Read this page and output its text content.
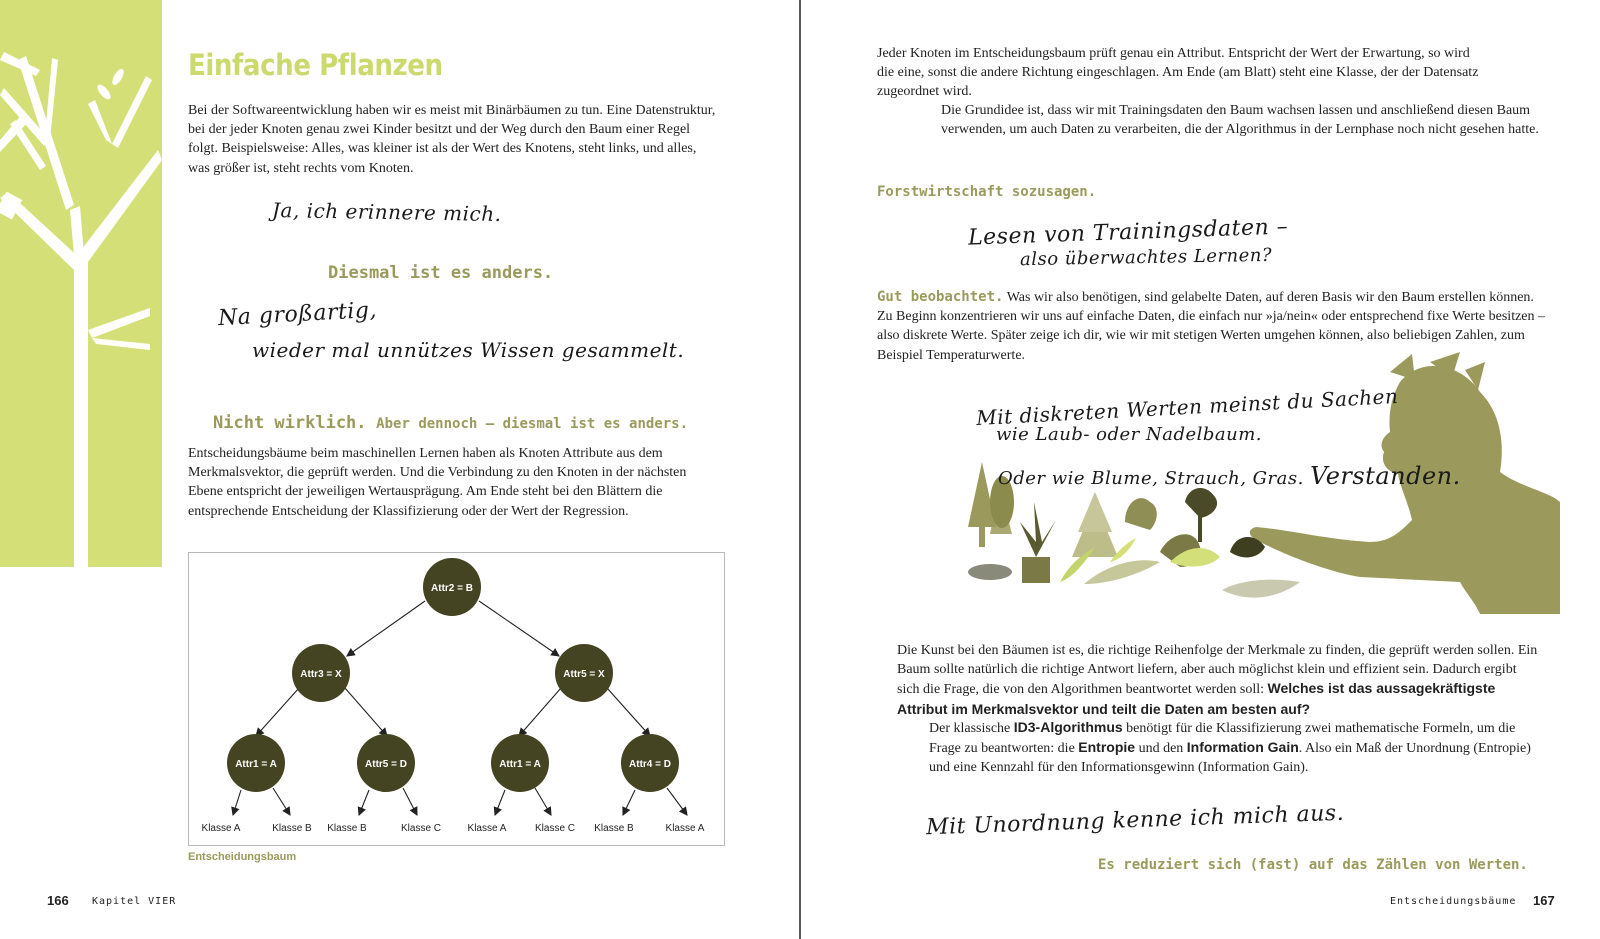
Einfache Pflanzen

Bei der Softwareentwicklung haben wir es meist mit Binärbäumen zu tun. Eine Datenstruktur, bei der jeder Knoten genau zwei Kinder besitzt und der Weg durch den Baum einer Regel folgt. Beispielsweise: Alles, was kleiner ist als der Wert des Knotens, steht links, und alles, was größer ist, steht rechts vom Knoten.

Ja, ich erinnere mich.
Diesmal ist es anders.
Na großartig,
wieder mal unnützes Wissen gesammelt.
Nicht wirklich. Aber dennoch – diesmal ist es anders.

Entscheidungsbäume beim maschinellen Lernen haben als Knoten Attribute aus dem Merkmalsvektor, die geprüft werden. Und die Verbindung zu den Knoten in der nächsten Ebene entspricht der jeweiligen Wertausprägung. Am Ende steht bei den Blättern die entsprechende Entscheidung der Klassifizierung oder der Wert der Regression.

Attr2 = B
Attr3 = X	Attr5 = X
Attr1 = A	Attr5 = D	Attr1 = A	Attr4 = D
Klasse A	Klasse B Klasse B	Klasse C	Klasse A	Klasse C Klasse B	Klasse A
Entscheidungsbaum
166 Kapitel VIER

Jeder Knoten im Entscheidungsbaum prüft genau ein Attribut. Entspricht der Wert der Erwartung, so wird die eine, sonst die andere Richtung eingeschlagen. Am Ende (am Blatt) steht eine Klasse, der der Datensatz zugeordnet wird.

Die Grundidee ist, dass wir mit Trainingsdaten den Baum wachsen lassen und anschließend diesen Baum verwenden, um auch Daten zu verarbeiten, die der Algorithmus in der Lernphase noch nicht gesehen hatte.

Forstwirtschaft sozusagen.
Lesen von Trainingsdaten –
also überwachtes Lernen?

Gut beobachtet. Was wir also benötigen, sind gelabelte Daten, auf deren Basis wir den Baum erstellen können. Zu Beginn konzentrieren wir uns auf einfache Daten, die einfach nur »ja/nein« oder entsprechend fixe Werte besitzen – also diskrete Werte. Später zeige ich dir, wie wir mit stetigen Werten umgehen können, also beliebigen Zahlen, zum Beispiel Temperaturwerte.

Mit diskreten Werten meinst du Sachen
wie Laub- oder Nadelbaum.
Oder wie Blume, Strauch, Gras. Verstanden.
Die Kunst bei den Bäumen ist es, die richtige Reihenfolge der Merkmale zu finden, die geprüft werden sollen. Ein Baum sollte natürlich die richtige Antwort liefern, aber auch möglichst klein und effizient sein. Dadurch ergibt sich die Frage, die von den Algorithmen beantwortet werden soll: Welches ist das aussagekräftigste Attribut im Merkmalsvektor und teilt die Daten am besten auf?
Der klassische ID3-Algorithmus benötigt für die Klassifizierung zwei mathematische Formeln, um die Frage zu beantworten: die Entropie und den Information Gain. Also ein Maß der Unordnung (Entropie) und eine Kennzahl für den Informationsgewinn (Information Gain).
Mit Unordnung kenne ich mich aus.
Es reduziert sich (fast) auf das Zählen von Werten.
Entscheidungsbäume 167
